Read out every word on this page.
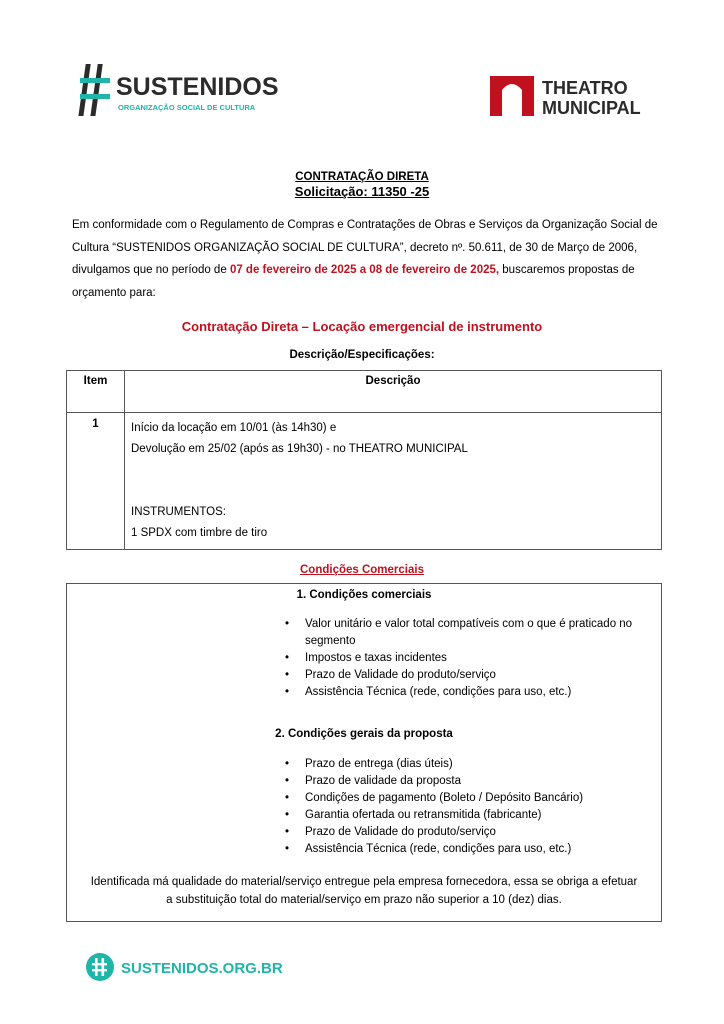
SUSTENIDOS
ORGANIZAÇÃO SOCIAL DE CULTURA
THEATRO
MUNICIPAL
CONTRATAÇÃO DIRETA
Solicitação: 11350 -25
Em conformidade com o Regulamento de Compras e Contratações de Obras e Serviços da Organização Social de Cultura “SUSTENIDOS ORGANIZAÇÃO SOCIAL DE CULTURA”, decreto nº. 50.611, de 30 de Março de 2006, divulgamos que no período de 07 de fevereiro de 2025 a 08 de fevereiro de 2025, buscaremos propostas de orçamento para:
Contratação Direta – Locação emergencial de instrumento
Descrição/Especificações:
Item	Descrição
1	Início da locação em 10/01 (às 14h30) e
Devolução em 25/02 (após as 19h30) - no THEATRO MUNICIPAL
INSTRUMENTOS:
1 SPDX com timbre de tiro
Condições Comerciais
1. Condições comerciais
• Valor unitário e valor total compatíveis com o que é praticado no segmento
• Impostos e taxas incidentes
• Prazo de Validade do produto/serviço
• Assistência Técnica (rede, condições para uso, etc.)
2. Condições gerais da proposta
• Prazo de entrega (dias úteis)
• Prazo de validade da proposta
• Condições de pagamento (Boleto / Depósito Bancário)
• Garantia ofertada ou retransmitida (fabricante)
• Prazo de Validade do produto/serviço
• Assistência Técnica (rede, condições para uso, etc.)
Identificada má qualidade do material/serviço entregue pela empresa fornecedora, essa se obriga a efetuar
a substituição total do material/serviço em prazo não superior a 10 (dez) dias.
SUSTENIDOS.ORG.BR
